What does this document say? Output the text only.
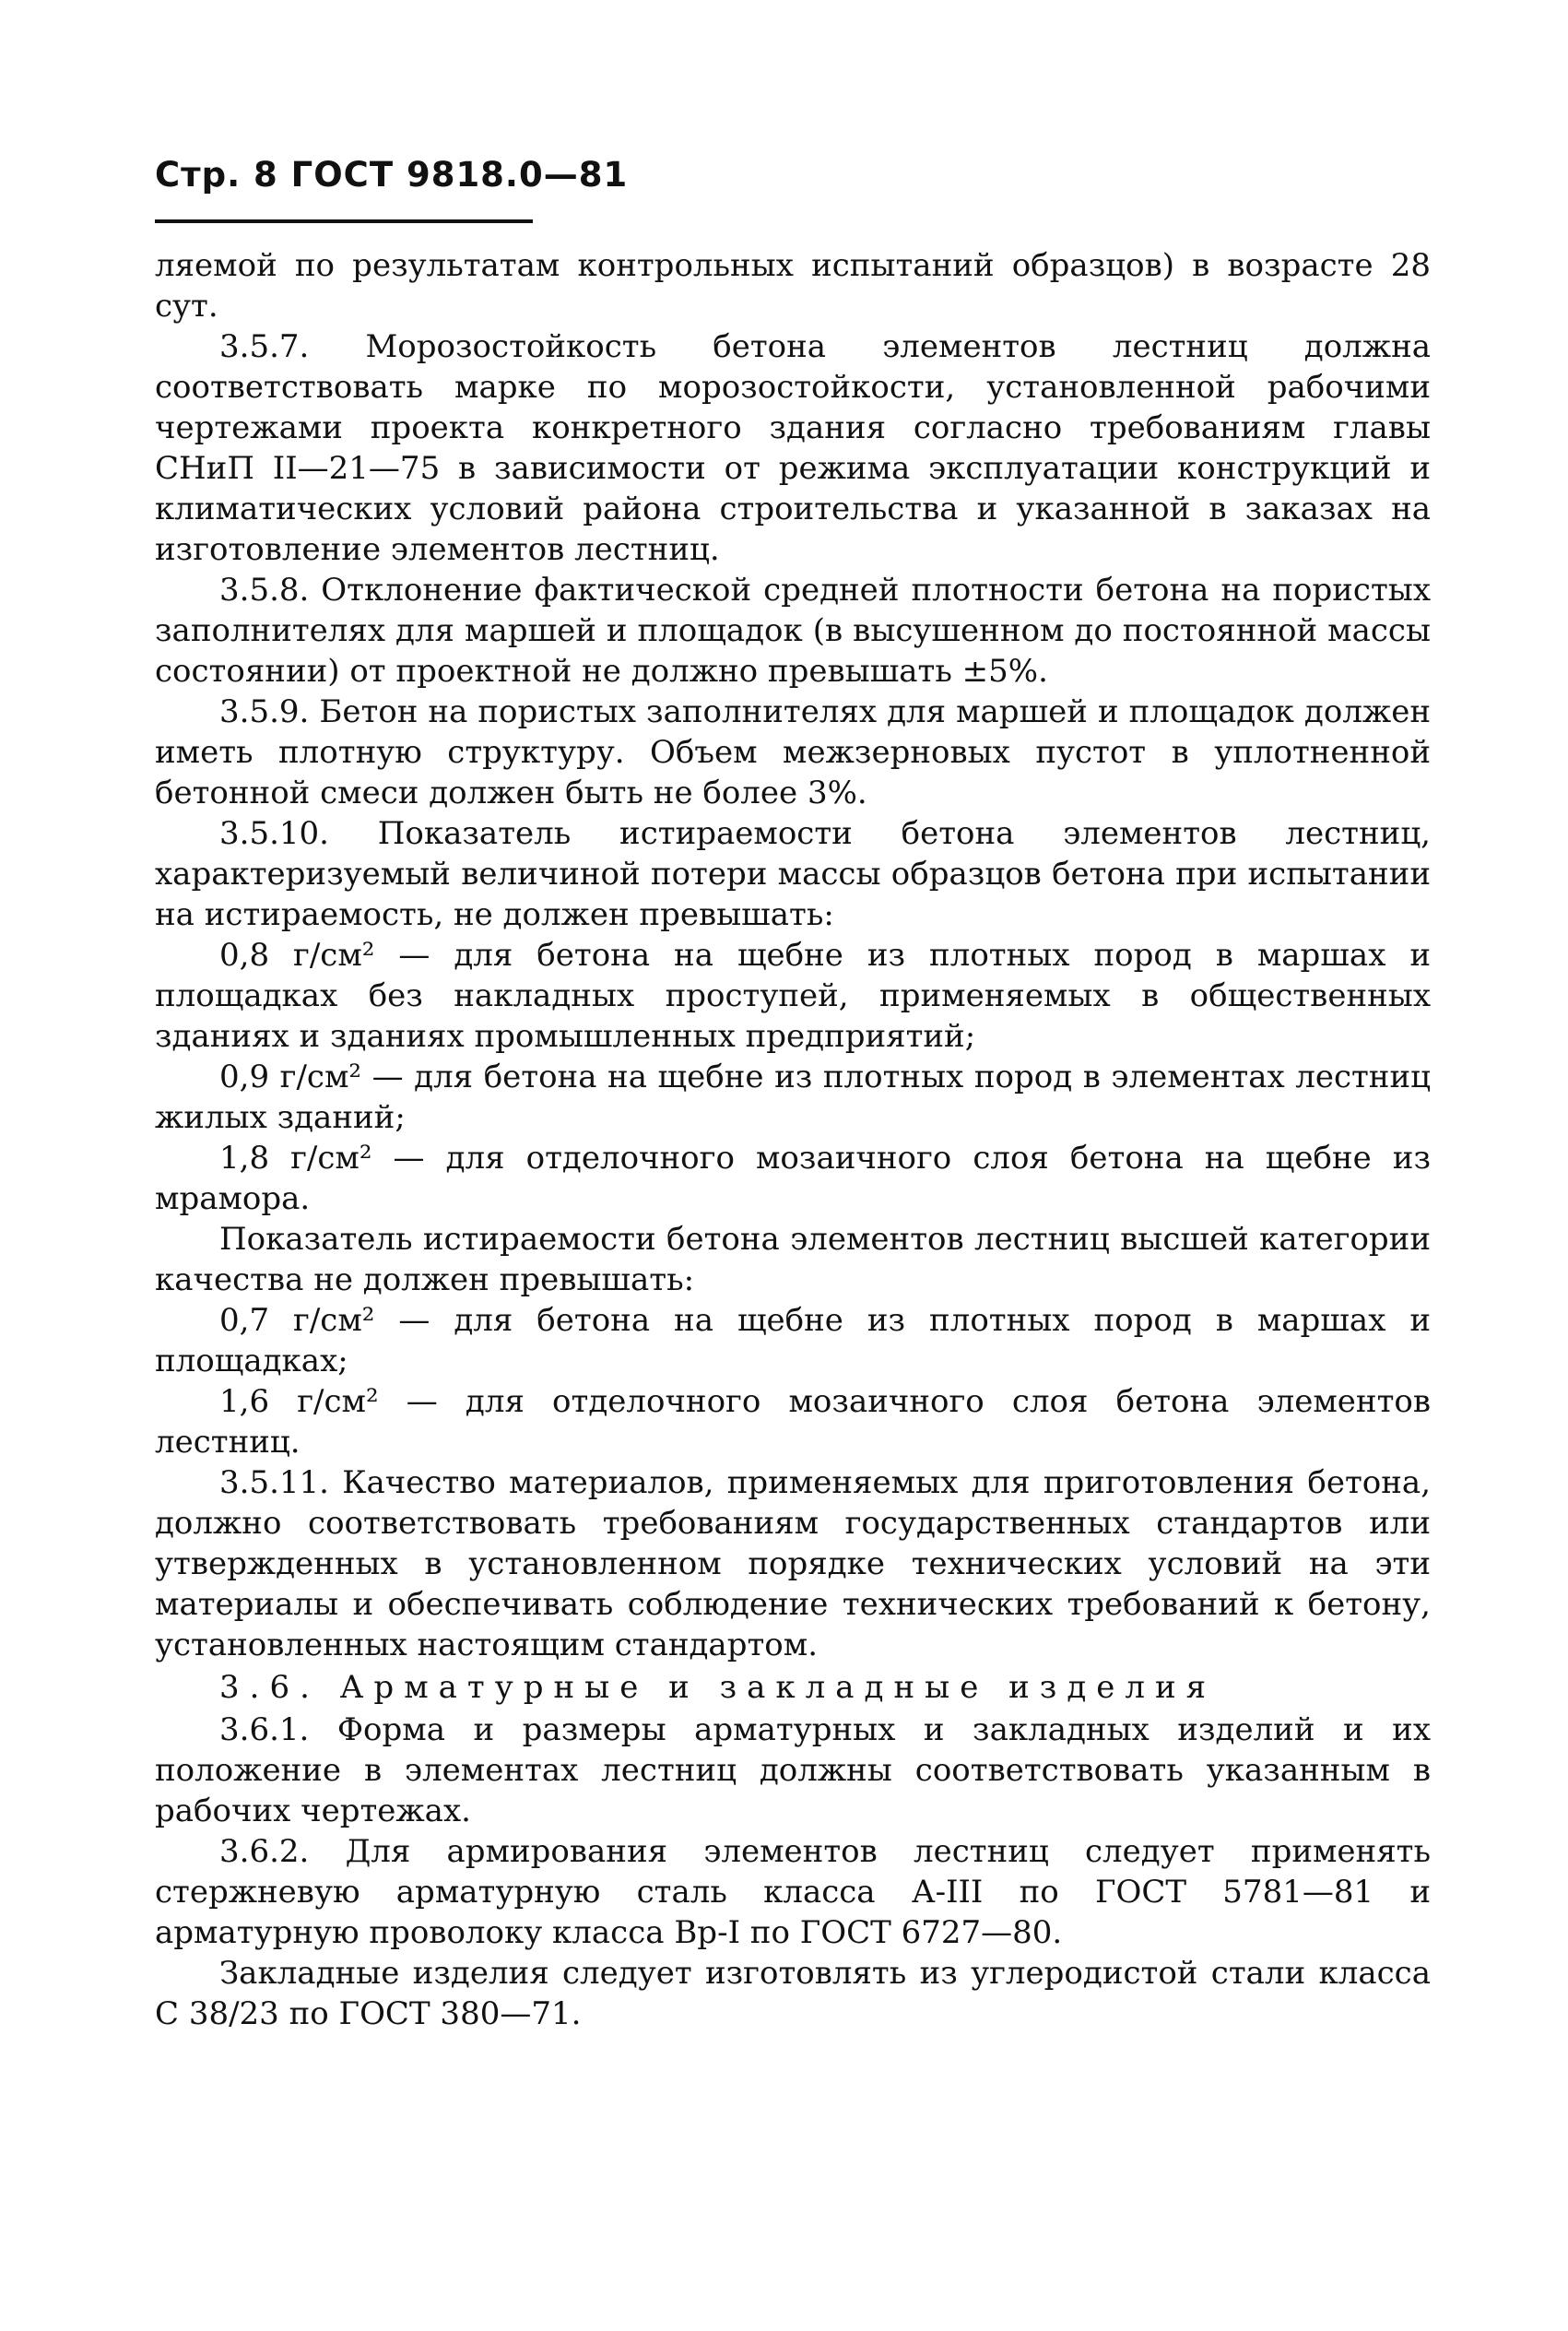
Стр. 8 ГОСТ 9818.0—81

ляемой по результатам контрольных испытаний образцов) в возрасте 28 сут.

3.5.7. Морозостойкость бетона элементов лестниц должна соответствовать марке по морозостойкости, установленной рабочими чертежами проекта конкретного здания согласно требованиям главы СНиП II—21—75 в зависимости от режима эксплуатации конструкций и климатических условий района строительства и указанной в заказах на изготовление элементов лестниц.

3.5.8. Отклонение фактической средней плотности бетона на пористых заполнителях для маршей и площадок (в высушенном до постоянной массы состоянии) от проектной не должно превышать ±5%.

3.5.9. Бетон на пористых заполнителях для маршей и площадок должен иметь плотную структуру. Объем межзерновых пустот в уплотненной бетонной смеси должен быть не более 3%.

3.5.10. Показатель истираемости бетона элементов лестниц, характеризуемый величиной потери массы образцов бетона при испытании на истираемость, не должен превышать:

0,8 г/см² — для бетона на щебне из плотных пород в маршах и площадках без накладных проступей, применяемых в общественных зданиях и зданиях промышленных предприятий;

0,9 г/см² — для бетона на щебне из плотных пород в элементах лестниц жилых зданий;

1,8 г/см² — для отделочного мозаичного слоя бетона на щебне из мрамора.

Показатель истираемости бетона элементов лестниц высшей категории качества не должен превышать:

0,7 г/см² — для бетона на щебне из плотных пород в маршах и площадках;

1,6 г/см² — для отделочного мозаичного слоя бетона элементов лестниц.

3.5.11. Качество материалов, применяемых для приготовления бетона, должно соответствовать требованиям государственных стандартов или утвержденных в установленном порядке технических условий на эти материалы и обеспечивать соблюдение технических требований к бетону, установленных настоящим стандартом.

3.6. Арматурные и закладные изделия

3.6.1. Форма и размеры арматурных и закладных изделий и их положение в элементах лестниц должны соответствовать указанным в рабочих чертежах.

3.6.2. Для армирования элементов лестниц следует применять стержневую арматурную сталь класса А-III по ГОСТ 5781—81 и арматурную проволоку класса Вр-I по ГОСТ 6727—80.

Закладные изделия следует изготовлять из углеродистой стали класса С 38/23 по ГОСТ 380—71.
